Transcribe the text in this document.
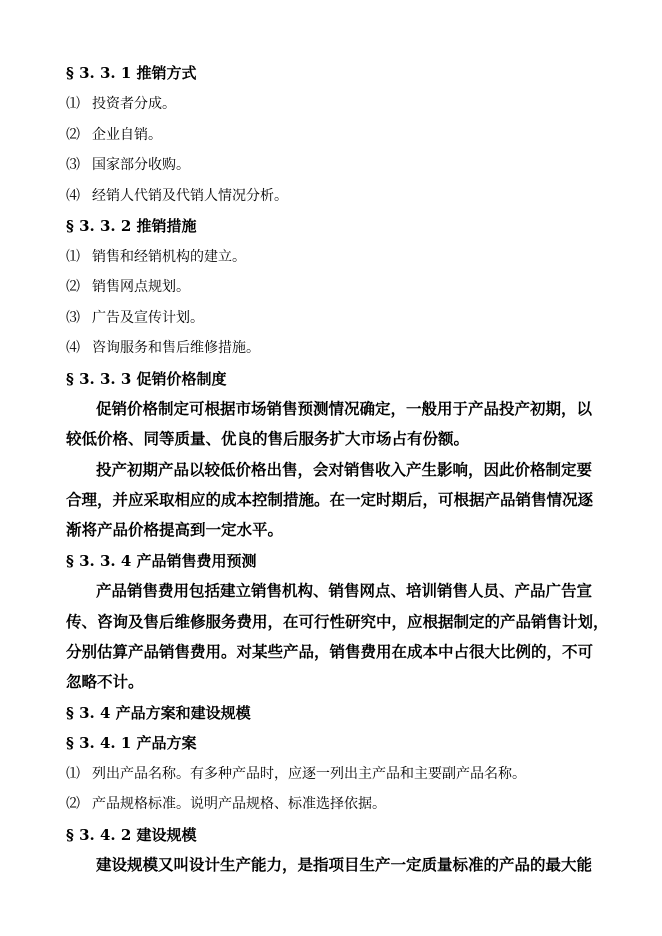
§ 3. 3. 1 推销方式
⑴ 投资者分成。
⑵ 企业自销。
⑶ 国家部分收购。
⑷ 经销人代销及代销人情况分析。
§ 3. 3. 2 推销措施
⑴ 销售和经销机构的建立。
⑵ 销售网点规划。
⑶ 广告及宣传计划。
⑷ 咨询服务和售后维修措施。
§ 3. 3. 3 促销价格制度
促销价格制定可根据市场销售预测情况确定，一般用于产品投产初期，以
较低价格、同等质量、优良的售后服务扩大市场占有份额。
投产初期产品以较低价格出售，会对销售收入产生影响，因此价格制定要
合理，并应采取相应的成本控制措施。在一定时期后，可根据产品销售情况逐
渐将产品价格提高到一定水平。
§ 3. 3. 4 产品销售费用预测
产品销售费用包括建立销售机构、销售网点、培训销售人员、产品广告宣
传、咨询及售后维修服务费用，在可行性研究中，应根据制定的产品销售计划，
分别估算产品销售费用。对某些产品，销售费用在成本中占很大比例的，不可
忽略不计。
§ 3. 4 产品方案和建设规模
§ 3. 4. 1 产品方案
⑴ 列出产品名称。有多种产品时，应逐一列出主产品和主要副产品名称。
⑵ 产品规格标准。说明产品规格、标准选择依据。
§ 3. 4. 2 建设规模
建设规模又叫设计生产能力，是指项目生产一定质量标准的产品的最大能
